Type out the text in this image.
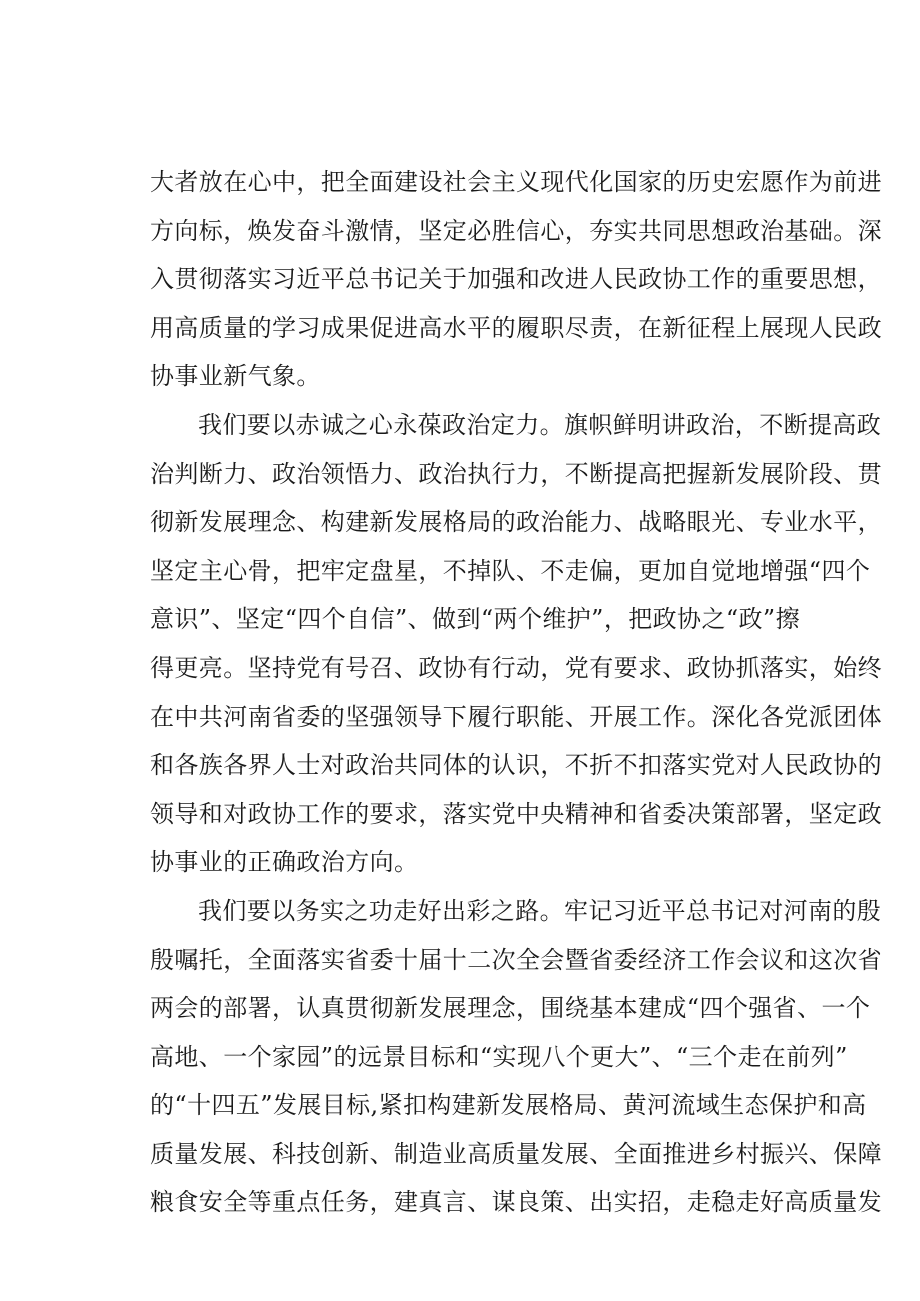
大者放在心中，把全面建设社会主义现代化国家的历史宏愿作为前进
方向标，焕发奋斗激情，坚定必胜信心，夯实共同思想政治基础。深
入贯彻落实习近平总书记关于加强和改进人民政协工作的重要思想，
用高质量的学习成果促进高水平的履职尽责，在新征程上展现人民政
协事业新气象。
我们要以赤诚之心永葆政治定力。旗帜鲜明讲政治，不断提高政
治判断力、政治领悟力、政治执行力，不断提高把握新发展阶段、贯
彻新发展理念、构建新发展格局的政治能力、战略眼光、专业水平，
坚定主心骨，把牢定盘星，不掉队、不走偏，更加自觉地增强“四个
意识”、坚定“四个自信”、做到“两个维护”，把政协之“政”擦
得更亮。坚持党有号召、政协有行动，党有要求、政协抓落实，始终
在中共河南省委的坚强领导下履行职能、开展工作。深化各党派团体
和各族各界人士对政治共同体的认识，不折不扣落实党对人民政协的
领导和对政协工作的要求，落实党中央精神和省委决策部署，坚定政
协事业的正确政治方向。
我们要以务实之功走好出彩之路。牢记习近平总书记对河南的殷
殷嘱托，全面落实省委十届十二次全会暨省委经济工作会议和这次省
两会的部署，认真贯彻新发展理念，围绕基本建成“四个强省、一个
高地、一个家园”的远景目标和“实现八个更大”、“三个走在前列”
的“十四五”发展目标,紧扣构建新发展格局、黄河流域生态保护和高
质量发展、科技创新、制造业高质量发展、全面推进乡村振兴、保障
粮食安全等重点任务，建真言、谋良策、出实招，走稳走好高质量发
